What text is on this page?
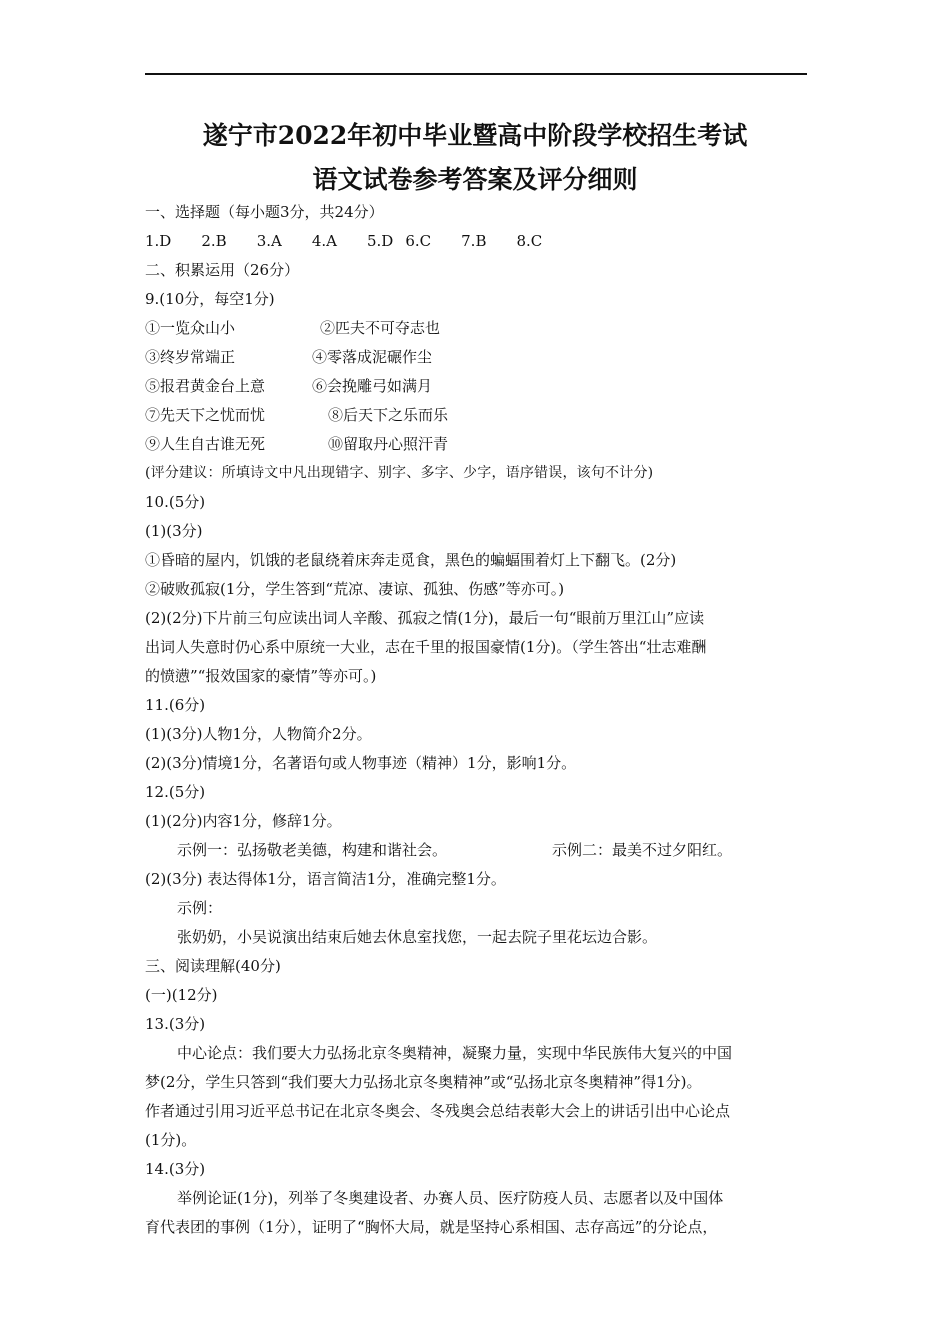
遂宁市2022年初中毕业暨高中阶段学校招生考试
语文试卷参考答案及评分细则
一、选择题（每小题3分，共24分）
1.D 2.B 3.A 4.A 5.D 6.C 7.B 8.C
二、积累运用（26分）
9.(10分，每空1分)
①一览众山小	②匹夫不可夺志也
③终岁常端正	④零落成泥碾作尘
⑤报君黄金台上意	⑥会挽雕弓如满月
⑦先天下之忧而忧	⑧后天下之乐而乐
⑨人生自古谁无死	⑩留取丹心照汗青
(评分建议：所填诗文中凡出现错字、别字、多字、少字，语序错误，该句不计分)
10.(5分)
(1)(3分)
①昏暗的屋内，饥饿的老鼠绕着床奔走觅食，黑色的蝙蝠围着灯上下翻飞。(2分)
②破败孤寂(1分，学生答到“荒凉、凄谅、孤独、伤感”等亦可。)
(2)(2分)下片前三句应读出词人辛酸、孤寂之情(1分)，最后一句“眼前万里江山”应读
出词人失意时仍心系中原统一大业，志在千里的报国豪情(1分)。（学生答出“壮志难酬
的愤懑”“报效国家的豪情”等亦可。)
11.(6分)
(1)(3分)人物1分，人物简介2分。
(2)(3分)情境1分，名著语句或人物事迹（精神）1分，影响1分。
12.(5分)
(1)(2分)内容1分，修辞1分。
示例一：弘扬敬老美德，构建和谐社会。	示例二：最美不过夕阳红。
(2)(3分) 表达得体1分，语言简洁1分，准确完整1分。
示例：
张奶奶，小吴说演出结束后她去休息室找您，一起去院子里花坛边合影。
三、阅读理解(40分)
(一)(12分)
13.(3分)
中心论点：我们要大力弘扬北京冬奥精神，凝聚力量，实现中华民族伟大复兴的中国
梦(2分，学生只答到“我们要大力弘扬北京冬奥精神”或“弘扬北京冬奥精神”得1分)。
作者通过引用习近平总书记在北京冬奥会、冬残奥会总结表彰大会上的讲话引出中心论点
(1分)。
14.(3分)
举例论证(1分)，列举了冬奥建设者、办赛人员、医疗防疫人员、志愿者以及中国体
育代表团的事例（1分），证明了“胸怀大局，就是坚持心系相国、志存高远”的分论点，
